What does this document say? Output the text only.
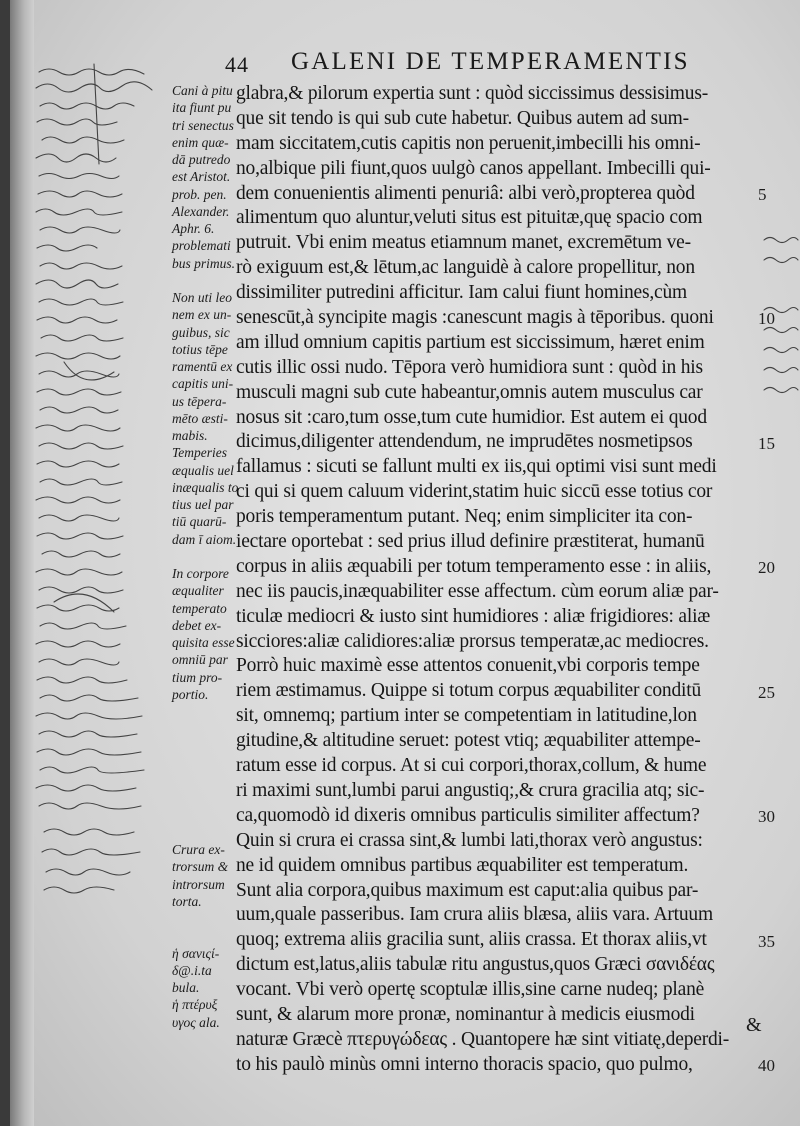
44 GALENI DE TEMPERAMENTIS
Cani à pitu
ita fiunt pu
tri senectus
enim quæ-
dā putredo
est Aristot.
prob. pen.
Alexander.
Aphr. 6.
problemati
bus primus.
Non uti leo
nem ex un-
guibus, sic
totius tēpe
ramentū ex
capitis uni-
us tēpera-
mēto æsti-
mabis.
Temperies
æqualis uel
inæqualis to
tius uel par
tiū quarū-
dam ī aiom.
In corpore
æqualiter
temperato
debet ex-
quisita esse
omniū par
tium pro-
portio.
Crura ex-
trorsum &
introrsum
torta.
ἡ σανιςί-
δ@.i.ta
bula.
ἡ πτέρυξ
υγος ala.
glabra,& pilorum expertia sunt : quòd siccissimus dessisimus-
que sit tendo is qui sub cute habetur. Quibus autem ad sum-
mam siccitatem,cutis capitis non peruenit,imbecilli his omni-
no,albique pili fiunt,quos uulgò canos appellant. Imbecilli qui-
dem conuenientis alimenti penuriâ: albi verò,propterea quòd
alimentum quo aluntur,veluti situs est pituitæ,quę spacio com
putruit. Vbi enim meatus etiamnum manet, excremētum ve-
rò exiguum est,& lētum,ac languidè à calore propellitur, non
dissimiliter putredini afficitur. Iam calui fiunt homines,cùm
senescūt,à syncipite magis :canescunt magis à tēporibus. quoni
am illud omnium capitis partium est siccissimum, hæret enim
cutis illic ossi nudo. Tēpora verò humidiora sunt : quòd in his
musculi magni sub cute habeantur,omnis autem musculus car
nosus sit :caro,tum osse,tum cute humidior. Est autem ei quod
dicimus,diligenter attendendum, ne imprudētes nosmetipsos
fallamus : sicuti se fallunt multi ex iis,qui optimi visi sunt medi
ci qui si quem caluum viderint,statim huic siccū esse totius cor
poris temperamentum putant. Neq; enim simpliciter ita con-
iectare oportebat : sed prius illud definire præstiterat, humanū
corpus in aliis æquabili per totum temperamento esse : in aliis,
nec iis paucis,inæquabiliter esse affectum. cùm eorum aliæ par-
ticulæ mediocri & iusto sint humidiores : aliæ frigidiores: aliæ
sicciores:aliæ calidiores:aliæ prorsus temperatæ,ac mediocres.
Porrò huic maximè esse attentos conuenit,vbi corporis tempe
riem æstimamus. Quippe si totum corpus æquabiliter conditū
sit, omnemq; partium inter se competentiam in latitudine,lon
gitudine,& altitudine seruet: potest vtiq; æquabiliter attempe-
ratum esse id corpus. At si cui corpori,thorax,collum, & hume
ri maximi sunt,lumbi parui angustiq;,& crura gracilia atq; sic-
ca,quomodò id dixeris omnibus particulis similiter affectum?
Quin si crura ei crassa sint,& lumbi lati,thorax verò angustus:
ne id quidem omnibus partibus æquabiliter est temperatum.
Sunt alia corpora,quibus maximum est caput:alia quibus par-
uum,quale passeribus. Iam crura aliis blæsa, aliis vara. Artuum
quoq; extrema aliis gracilia sunt, aliis crassa. Et thorax aliis,vt
dictum est,latus,aliis tabulæ ritu angustus,quos Græci σανιδέας
vocant. Vbi verò opertę scoptulæ illis,sine carne nudeq; planè
sunt, & alarum more pronæ, nominantur à medicis eiusmodi
naturæ Græcè πτερυγώδεας . Quantopere hæ sint vitiatę,deperdi-
to his paulò minùs omni interno thoracis spacio, quo pulmo,
5
10
15
20
25
30
35
40
&
